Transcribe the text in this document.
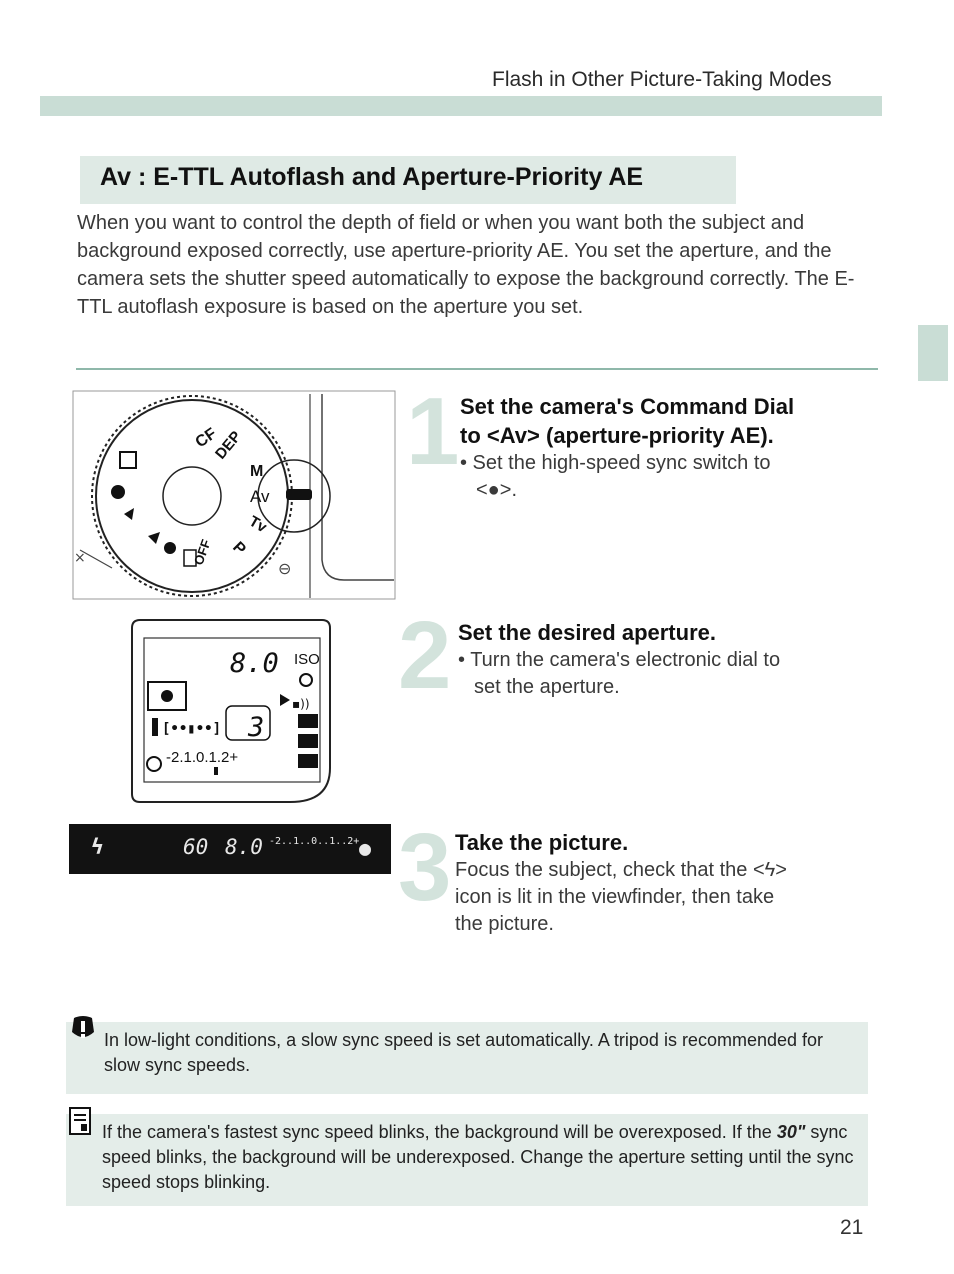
Flash in Other Picture-Taking Modes
Av : E-TTL Autoflash and Aperture-Priority AE
When you want to control the depth of field or when you want both the subject and background exposed correctly, use aperture-priority AE. You set the aperture, and the camera sets the shutter speed automatically to expose the background correctly. The E-TTL autoflash exposure is based on the aperture you set.
CF
DEP
M
Av
Tv
P
OFF
×
⊖
8.0 ISO
▪))
3
[••▮••]
-2.1.0.1.2+
ϟ	60 8.0 -2..1..0..1..2+ ●
1 Set the camera's Command Dial
to <Av> (aperture-priority AE).
• Set the high-speed sync switch to
<●>.
2 Set the desired aperture.
• Turn the camera's electronic dial to
set the aperture.
3 Take the picture.
Focus the subject, check that the <ϟ>
icon is lit in the viewfinder, then take
the picture.
In low-light conditions, a slow sync speed is set automatically. A tripod is recommended for slow sync speeds.
If the camera's fastest sync speed blinks, the background will be overexposed. If the 30" sync speed blinks, the background will be underexposed. Change the aperture setting until the sync speed stops blinking.
21
